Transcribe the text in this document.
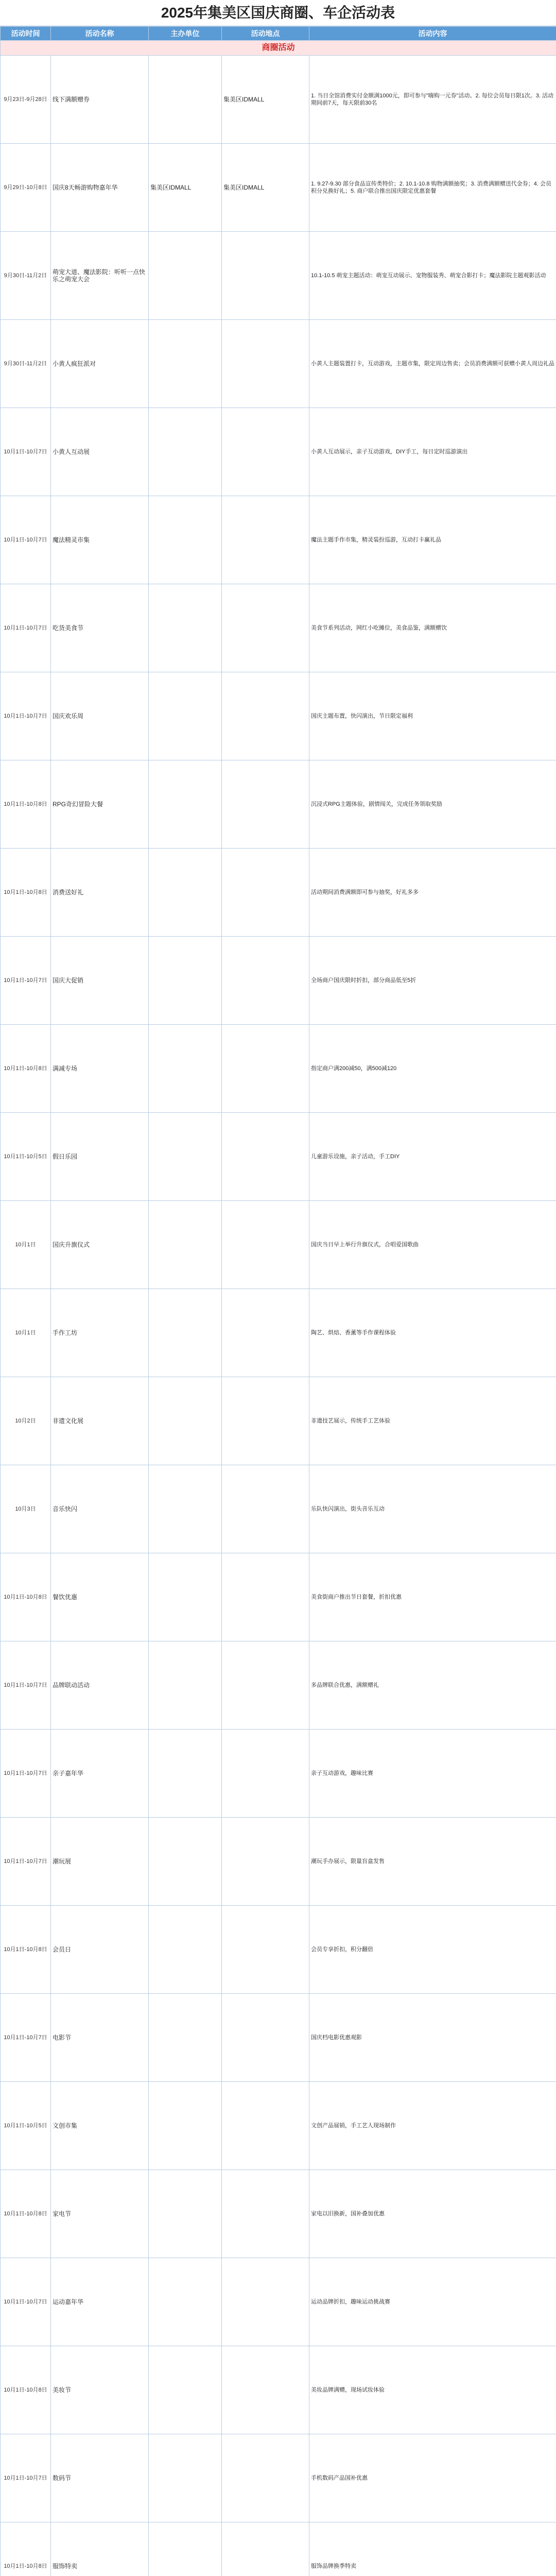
2025年集美区国庆商圈、车企活动表
活动时间	活动名称	主办单位	活动地点	活动内容
商圈活动				
9月23日-9月28日	线下满额赠券		集美区IDMALL	1. 当日全馆消费实付金额满1000元，即可参与"嗨购一元券"活动。2. 每位会员每日限1次。3. 活动期间前7天，每天限前30名
9月29日-10月8日	国庆8天畅游购物嘉年华	集美区IDMALL	集美区IDMALL	1. 9.27-9.30 部分食品宣传类特价；2. 10.1-10.8 购物满额抽奖；3. 消费满额赠送代金券；4. 会员积分兑换好礼；5. 商户联合推出国庆限定优惠套餐
9月30日-11月2日	萌宠大道、魔法影院：听听一点快乐之萌宠大会			10.1-10.5 萌宠主题活动：萌宠互动展示、宠物服装秀、萌宠合影打卡；魔法影院主题观影活动
9月30日-11月2日	小黄人疯狂派对			小黄人主题装置打卡，互动游戏，主题市集，限定周边售卖；会员消费满额可获赠小黄人周边礼品
10月1日-10月7日	小黄人互动展			小黄人互动展示，亲子互动游戏，DIY手工，每日定时巡游演出
10月1日-10月7日	魔法精灵市集			魔法主题手作市集，精灵装扮巡游，互动打卡赢礼品
10月1日-10月7日	吃货美食节			美食节系列活动，网红小吃摊位，美食品鉴，满额赠饮
10月1日-10月7日	国庆欢乐周			国庆主题布置，快闪演出，节日限定福利
10月1日-10月8日	RPG奇幻冒险大餐			沉浸式RPG主题体验，剧情闯关，完成任务领取奖励
10月1日-10月8日	消费送好礼			活动期间消费满额即可参与抽奖，好礼多多
10月1日-10月7日	国庆大促销			全场商户国庆限时折扣，部分商品低至5折
10月1日-10月8日	满减专场			指定商户满200减50，满500减120
10月1日-10月5日	假日乐园			儿童游乐设施，亲子活动，手工DIY
10月1日	国庆升旗仪式			国庆当日早上举行升旗仪式，合唱爱国歌曲
10月1日	手作工坊			陶艺、烘焙、香薰等手作课程体验
10月2日	非遗文化展			非遗技艺展示，传统手工艺体验
10月3日	音乐快闪			乐队快闪演出，街头音乐互动
10月1日-10月8日	餐饮优惠			美食街商户推出节日套餐，折扣优惠
10月1日-10月7日	品牌联动活动			多品牌联合优惠，满额赠礼
10月1日-10月7日	亲子嘉年华			亲子互动游戏，趣味比赛
10月1日-10月7日	潮玩展			潮玩手办展示，限量盲盒发售
10月1日-10月8日	会员日			会员专享折扣，积分翻倍
10月1日-10月7日	电影节			国庆档电影优惠观影
10月1日-10月5日	文创市集			文创产品展销，手工艺人现场制作
10月1日-10月8日	家电节			家电以旧换新，国补叠加优惠
10月1日-10月7日	运动嘉年华			运动品牌折扣，趣味运动挑战赛
10月1日-10月8日	美妆节			美妆品牌满赠，现场试妆体验
10月1日-10月7日	数码节			手机数码产品国补优惠
10月1日-10月8日	服饰特卖			服饰品牌换季特卖
